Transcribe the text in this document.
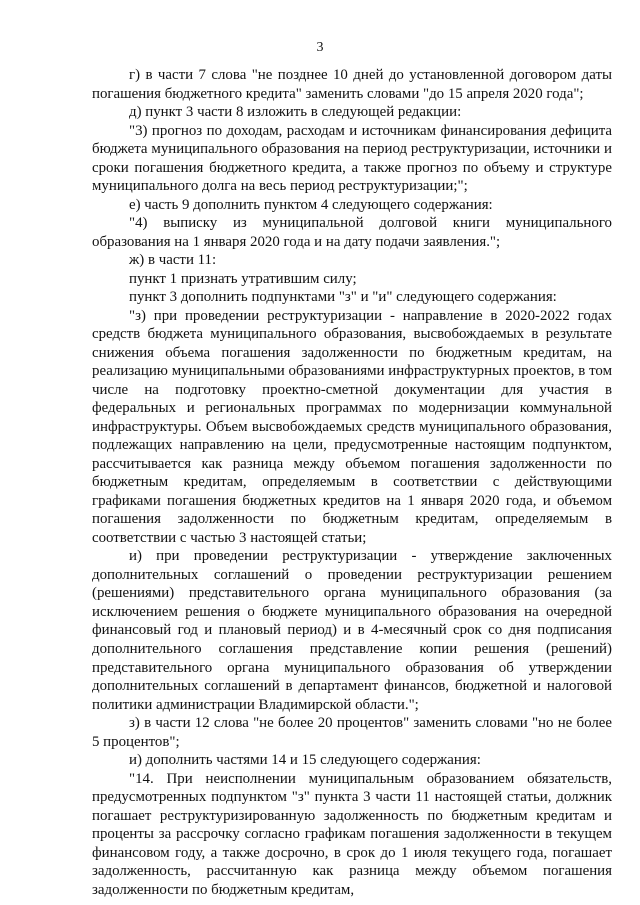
3

г) в части 7 слова "не позднее 10 дней до установленной договором даты погашения бюджетного кредита" заменить словами "до 15 апреля 2020 года";

д) пункт 3 части 8 изложить в следующей редакции:

"3) прогноз по доходам, расходам и источникам финансирования дефицита бюджета муниципального образования на период реструктуризации, источники и сроки погашения бюджетного кредита, а также прогноз по объему и структуре муниципального долга на весь период реструктуризации;";

е) часть 9 дополнить пунктом 4 следующего содержания:

"4) выписку из муниципальной долговой книги муниципального образования на 1 января 2020 года и на дату подачи заявления.";

ж) в части 11:

пункт 1 признать утратившим силу;

пункт 3 дополнить подпунктами "з" и "и" следующего содержания:

"з) при проведении реструктуризации - направление в 2020-2022 годах средств бюджета муниципального образования, высвобождаемых в результате снижения объема погашения задолженности по бюджетным кредитам, на реализацию муниципальными образованиями инфраструктурных проектов, в том числе на подготовку проектно-сметной документации для участия в федеральных и региональных программах по модернизации коммунальной инфраструктуры. Объем высвобождаемых средств муниципального образования, подлежащих направлению на цели, предусмотренные настоящим подпунктом, рассчитывается как разница между объемом погашения задолженности по бюджетным кредитам, определяемым в соответствии с действующими графиками погашения бюджетных кредитов на 1 января 2020 года, и объемом погашения задолженности по бюджетным кредитам, определяемым в соответствии с частью 3 настоящей статьи;

и) при проведении реструктуризации - утверждение заключенных дополнительных соглашений о проведении реструктуризации решением (решениями) представительного органа муниципального образования (за исключением решения о бюджете муниципального образования на очередной финансовый год и плановый период) и в 4-месячный срок со дня подписания дополнительного соглашения представление копии решения (решений) представительного органа муниципального образования об утверждении дополнительных соглашений в департамент финансов, бюджетной и налоговой политики администрации Владимирской области.";

з) в части 12 слова "не более 20 процентов" заменить словами "но не более 5 процентов";

и) дополнить частями 14 и 15 следующего содержания:

"14. При неисполнении муниципальным образованием обязательств, предусмотренных подпунктом "з" пункта 3 части 11 настоящей статьи, должник погашает реструктуризированную задолженность по бюджетным кредитам и проценты за рассрочку согласно графикам погашения задолженности в текущем финансовом году, а также досрочно, в срок до 1 июля текущего года, погашает задолженность, рассчитанную как разница между объемом погашения задолженности по бюджетным кредитам,
